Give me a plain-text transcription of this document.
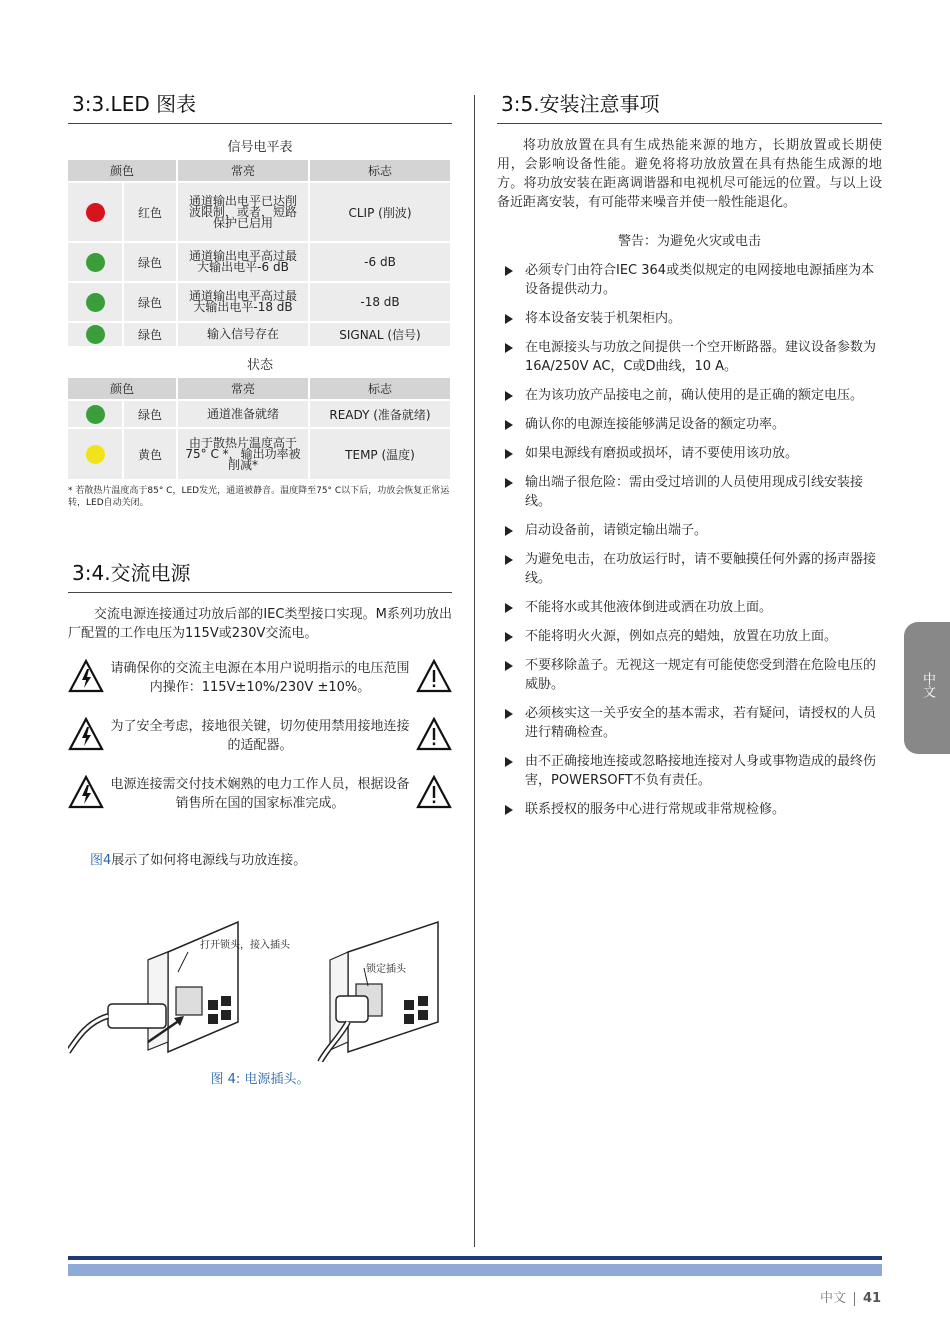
3:3.LED 图表
信号电平表
颜色		常亮	标志
	红色	通道输出电平已达削波限制，或者，短路保护已启用	CLIP (削波)
	绿色	通道输出电平高过最大输出电平-6 dB	-6 dB
	绿色	通道输出电平高过最大输出电平-18 dB	-18 dB
	绿色	输入信号存在	SIGNAL (信号)
状态
颜色		常亮	标志
	绿色	通道准备就绪	READY (准备就绪)
	黄色	由于散热片温度高于75° C *，输出功率被削减*	TEMP (温度)
* 若散热片温度高于85° C，LED发光，通道被静音。温度降至75° C以下后，功放会恢复正常运转，LED自动关闭。
3:4.交流电源

交流电源连接通过功放后部的IEC类型接口实现。M系列功放出厂配置的工作电压为115V或230V交流电。

请确保你的交流主电源在本用户说明指示的电压范围内操作：115V±10%/230V ±10%。
为了安全考虑，接地很关键，切勿使用禁用接地连接的适配器。
电源连接需交付技术娴熟的电力工作人员，根据设备销售所在国的国家标准完成。

图4展示了如何将电源线与功放连接。

打开锁头，接入插头
锁定插头
图 4: 电源插头。
3:5.安装注意事项

将功放放置在具有生成热能来源的地方，长期放置或长期使用，会影响设备性能。避免将将功放放置在具有热能生成源的地方。将功放安装在距离调谐器和电视机尽可能远的位置。与以上设备近距离安装，有可能带来噪音并使一般性能退化。

警告：为避免火灾或电击
必须专门由符合IEC 364或类似规定的电网接地电源插座为本设备提供动力。
将本设备安装于机架柜内。
在电源接头与功放之间提供一个空开断路器。建议设备参数为16A/250V AC，C或D曲线，10 A。
在为该功放产品接电之前，确认使用的是正确的额定电压。
确认你的电源连接能够满足设备的额定功率。
如果电源线有磨损或损坏，请不要使用该功放。
输出端子很危险：需由受过培训的人员使用现成引线安装接线。
启动设备前，请锁定输出端子。
为避免电击，在功放运行时，请不要触摸任何外露的扬声器接线。
不能将水或其他液体倒进或洒在功放上面。
不能将明火火源，例如点亮的蜡烛，放置在功放上面。
不要移除盖子。无视这一规定有可能使您受到潜在危险电压的威胁。
必须核实这一关乎安全的基本需求，若有疑问，请授权的人员进行精确检查。
由不正确接地连接或忽略接地连接对人身或事物造成的最终伤害，POWERSOFT不负有责任。
联系授权的服务中心进行常规或非常规检修。
中文
中文 41
